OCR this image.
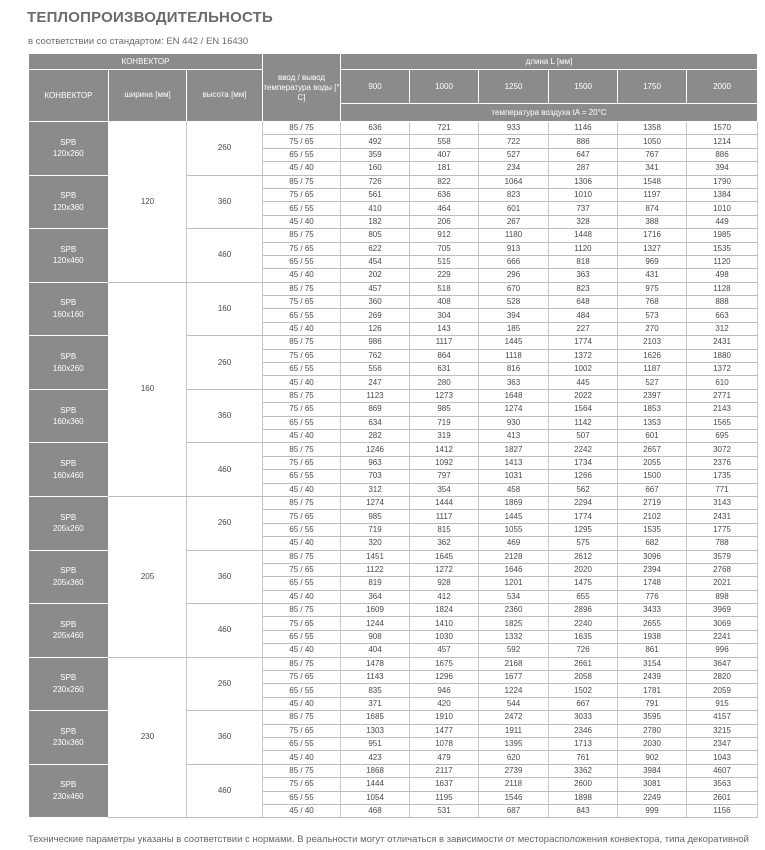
ТЕПЛОПРОИЗВОДИТЕЛЬНОСТЬ
в соответствии со стандартом: EN 442 / EN 16430
КОНВЕКТОР			ввод / вывод температура воды [° C]	длина L [мм]					
КОНВЕКТОР	ширина [мм]	высота [мм]		900	1000	1250	1500	1750	2000
				температура воздуха tA = 20°C					

SPB
120x260	120	260	85 / 75	636	721	933	1146	1358	1570
			75 / 65	492	558	722	886	1050	1214
			65 / 55	359	407	527	647	767	886
			45 / 40	160	181	234	287	341	394

SPB
120x360		360	85 / 75	726	822	1064	1306	1548	1790
			75 / 65	561	636	823	1010	1197	1384
			65 / 55	410	464	601	737	874	1010
			45 / 40	182	206	267	328	388	449

SPB
120x460		460	85 / 75	805	912	1180	1448	1716	1985
			75 / 65	622	705	913	1120	1327	1535
			65 / 55	454	515	666	818	969	1120
			45 / 40	202	229	296	363	431	498

SPB
160x160	160	160	85 / 75	457	518	670	823	975	1128
			75 / 65	360	408	528	648	768	888
			65 / 55	269	304	394	484	573	663
			45 / 40	126	143	185	227	270	312

SPB
160x260		260	85 / 75	986	1117	1445	1774	2103	2431
			75 / 65	762	864	1118	1372	1626	1880
			65 / 55	556	631	816	1002	1187	1372
			45 / 40	247	280	363	445	527	610

SPB
160x360		360	85 / 75	1123	1273	1648	2022	2397	2771
			75 / 65	869	985	1274	1564	1853	2143
			65 / 55	634	719	930	1142	1353	1565
			45 / 40	282	319	413	507	601	695

SPB
160x460		460	85 / 75	1246	1412	1827	2242	2657	3072
			75 / 65	963	1092	1413	1734	2055	2376
			65 / 55	703	797	1031	1266	1500	1735
			45 / 40	312	354	458	562	667	771

SPB
205x260	205	260	85 / 75	1274	1444	1869	2294	2719	3143
			75 / 65	985	1117	1445	1774	2102	2431
			65 / 55	719	815	1055	1295	1535	1775
			45 / 40	320	362	469	575	682	788

SPB
205x360		360	85 / 75	1451	1645	2128	2612	3096	3579
			75 / 65	1122	1272	1646	2020	2394	2768
			65 / 55	819	928	1201	1475	1748	2021
			45 / 40	364	412	534	655	776	898

SPB
205x460		460	85 / 75	1609	1824	2360	2896	3433	3969
			75 / 65	1244	1410	1825	2240	2655	3069
			65 / 55	908	1030	1332	1635	1938	2241
			45 / 40	404	457	592	726	861	996

SPB
230x260	230	260	85 / 75	1478	1675	2168	2661	3154	3647
			75 / 65	1143	1296	1677	2058	2439	2820
			65 / 55	835	946	1224	1502	1781	2059
			45 / 40	371	420	544	667	791	915

SPB
230x360		360	85 / 75	1685	1910	2472	3033	3595	4157
			75 / 65	1303	1477	1911	2346	2780	3215
			65 / 55	951	1078	1395	1713	2030	2347
			45 / 40	423	479	620	761	902	1043

SPB
230x460		460	85 / 75	1868	2117	2739	3362	3984	4607
			75 / 65	1444	1637	2118	2600	3081	3563
			65 / 55	1054	1195	1546	1898	2249	2601
			45 / 40	468	531	687	843	999	1156
Технические параметры указаны в соответствии с нормами. В реальности могут отличаться в зависимости от месторасположения конвектора, типа декоративной
